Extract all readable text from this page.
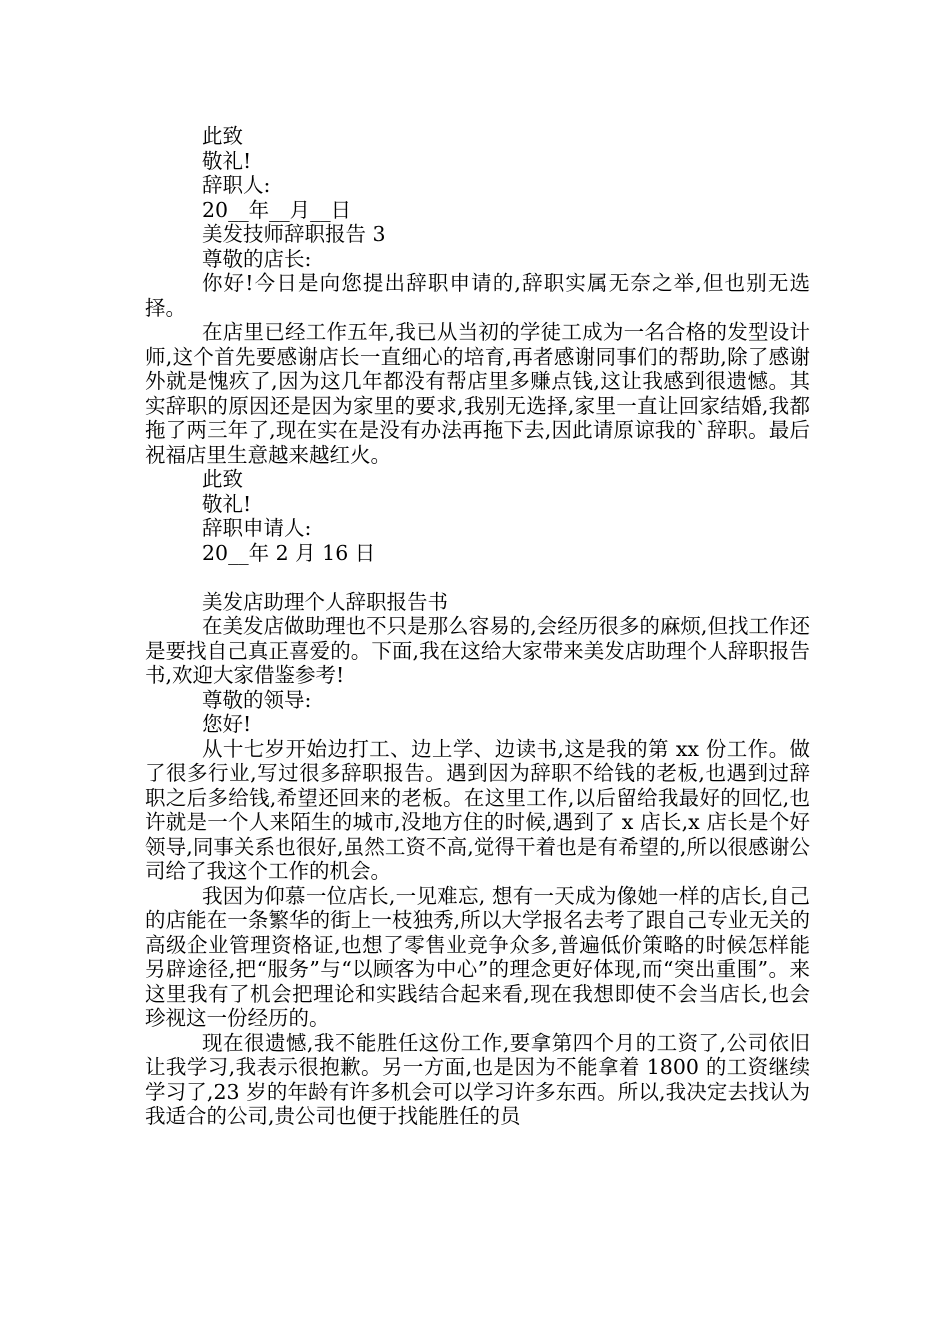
此致

敬礼!

辞职人:

20__年__月__日

美发技师辞职报告 3

尊敬的店长:

你好!今日是向您提出辞职申请的,辞职实属无奈之举,但也别无选择。

在店里已经工作五年,我已从当初的学徒工成为一名合格的发型设计师,这个首先要感谢店长一直细心的培育,再者感谢同事们的帮助,除了感谢外就是愧疚了,因为这几年都没有帮店里多赚点钱,这让我感到很遗憾。其实辞职的原因还是因为家里的要求,我别无选择,家里一直让回家结婚,我都拖了两三年了,现在实在是没有办法再拖下去,因此请原谅我的`辞职。最后祝福店里生意越来越红火。

此致

敬礼!

辞职申请人:

20__年 2 月 16 日

美发店助理个人辞职报告书

在美发店做助理也不只是那么容易的,会经历很多的麻烦,但找工作还是要找自己真正喜爱的。下面,我在这给大家带来美发店助理个人辞职报告书,欢迎大家借鉴参考!

尊敬的领导:

您好!

从十七岁开始边打工、边上学、边读书,这是我的第 xx 份工作。做了很多行业,写过很多辞职报告。遇到因为辞职不给钱的老板,也遇到过辞职之后多给钱,希望还回来的老板。在这里工作,以后留给我最好的回忆,也许就是一个人来陌生的城市,没地方住的时候,遇到了 x 店长,x 店长是个好领导,同事关系也很好,虽然工资不高,觉得干着也是有希望的,所以很感谢公司给了我这个工作的机会。

我因为仰慕一位店长,一见难忘, 想有一天成为像她一样的店长,自己的店能在一条繁华的街上一枝独秀,所以大学报名去考了跟自己专业无关的高级企业管理资格证,也想了零售业竞争众多,普遍低价策略的时候怎样能另辟途径,把“服务”与“以顾客为中心”的理念更好体现,而“突出重围”。来这里我有了机会把理论和实践结合起来看,现在我想即使不会当店长,也会珍视这一份经历的。

现在很遗憾,我不能胜任这份工作,要拿第四个月的工资了,公司依旧让我学习,我表示很抱歉。另一方面,也是因为不能拿着 1800 的工资继续学习了,23 岁的年龄有许多机会可以学习许多东西。所以,我决定去找认为我适合的公司,贵公司也便于找能胜任的员
